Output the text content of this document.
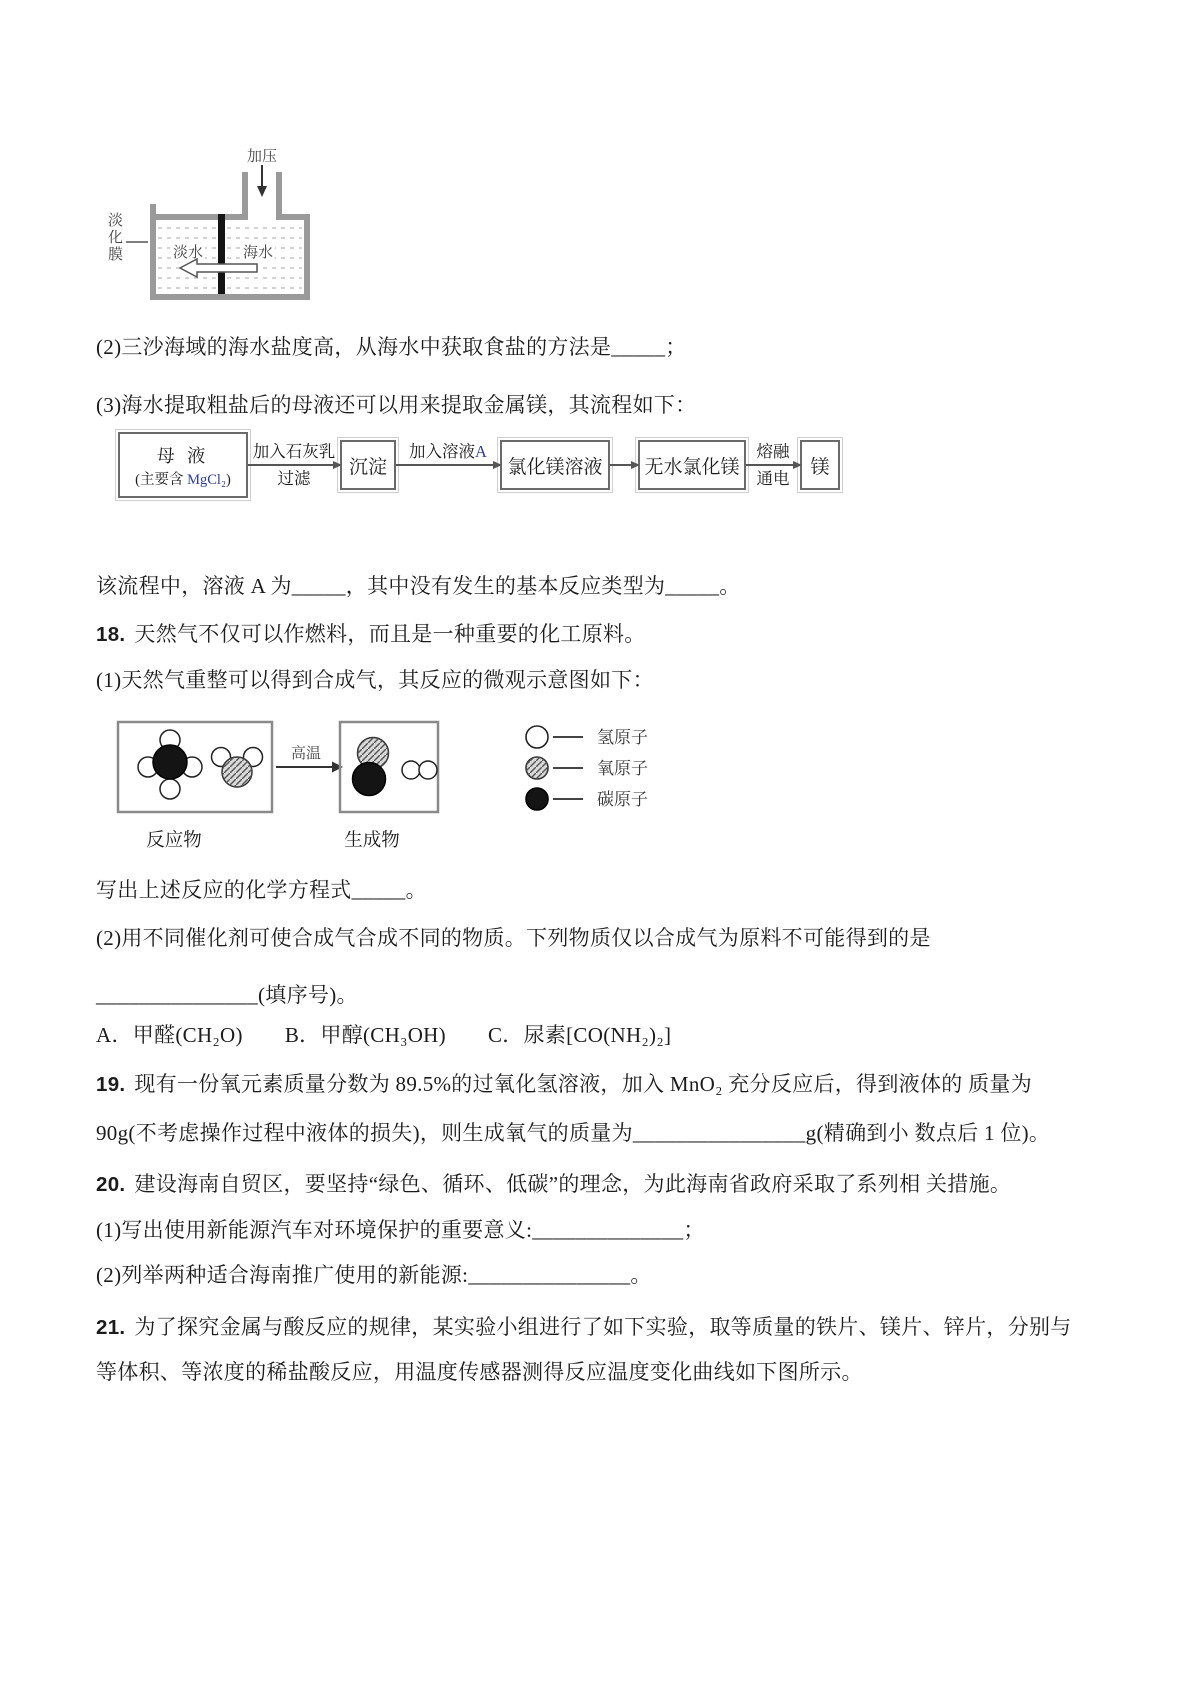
加压
淡水	海水
淡化膜
(2)三沙海域的海水盐度高，从海水中获取食盐的方法是_____；
(3)海水提取粗盐后的母液还可以用来提取金属镁，其流程如下：
母 液
(主要含 MgCl₂)
加入石灰乳
过滤
沉淀
加入溶液A
氯化镁溶液	无水氯化镁
熔融
通电
镁
该流程中，溶液 A 为_____，其中没有发生的基本反应类型为_____。
18. 天然气不仅可以作燃料，而且是一种重要的化工原料。
(1)天然气重整可以得到合成气，其反应的微观示意图如下：
高温
反应物	生成物
氢原子
氧原子
碳原子
写出上述反应的化学方程式_____。
(2)用不同催化剂可使合成气合成不同的物质。下列物质仅以合成气为原料不可能得到的是
_______________(填序号)。
A．甲醛(CH₂O) B．甲醇(CH₃OH) C．尿素[CO(NH₂)₂]
19. 现有一份氧元素质量分数为 89.5%的过氧化氢溶液，加入 MnO₂ 充分反应后，得到液体的 质量为
90g(不考虑操作过程中液体的损失)，则生成氧气的质量为________________g(精确到小 数点后 1 位)。
20. 建设海南自贸区，要坚持“绿色、循环、低碳”的理念，为此海南省政府采取了系列相 关措施。
(1)写出使用新能源汽车对环境保护的重要意义:______________；
(2)列举两种适合海南推广使用的新能源:_______________。
21. 为了探究金属与酸反应的规律，某实验小组进行了如下实验，取等质量的铁片、镁片、锌片，分别与
等体积、等浓度的稀盐酸反应，用温度传感器测得反应温度变化曲线如下图所示。
